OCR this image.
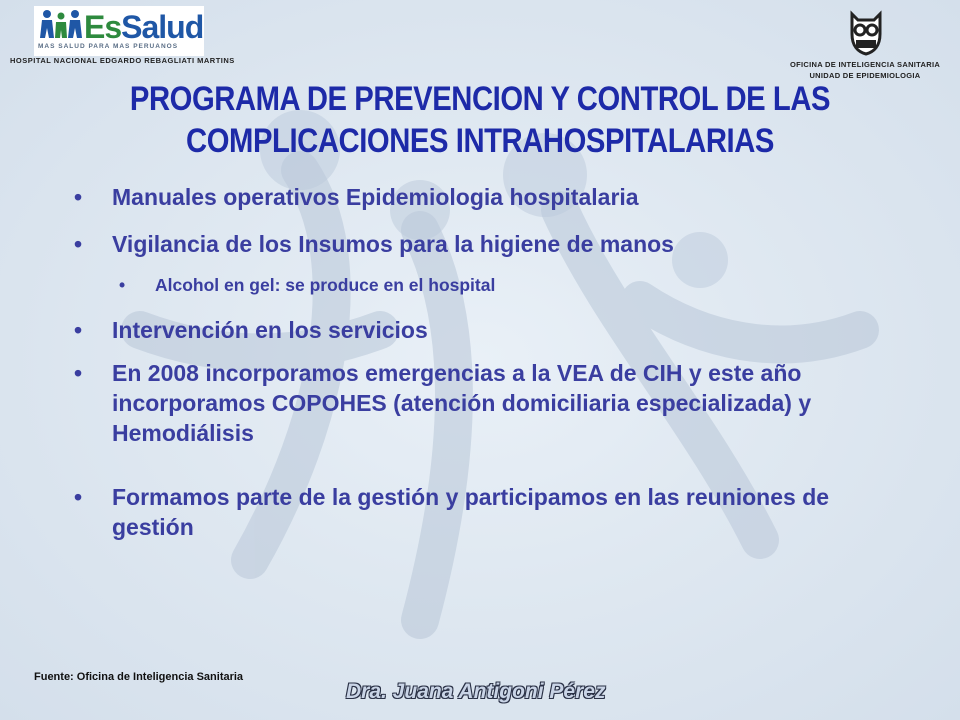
EsSalud
MAS SALUD PARA MAS PERUANOS
HOSPITAL NACIONAL EDGARDO REBAGLIATI MARTINS	OFICINA DE INTELIGENCIA SANITARIA
UNIDAD DE EPIDEMIOLOGIA
PROGRAMA DE PREVENCION Y CONTROL DE LAS
COMPLICACIONES INTRAHOSPITALARIAS
• Manuales operativos Epidemiologia hospitalaria
• Vigilancia de los Insumos para la higiene de manos
• Alcohol en gel: se produce en el hospital
• Intervención en los servicios
• En 2008 incorporamos emergencias a la VEA de CIH y este año incorporamos COPOHES (atención domiciliaria especializada) y Hemodiálisis
• Formamos parte de la gestión y participamos en las reuniones de gestión
Fuente: Oficina de Inteligencia Sanitaria
Dra. Juana Antigoni Pérez
